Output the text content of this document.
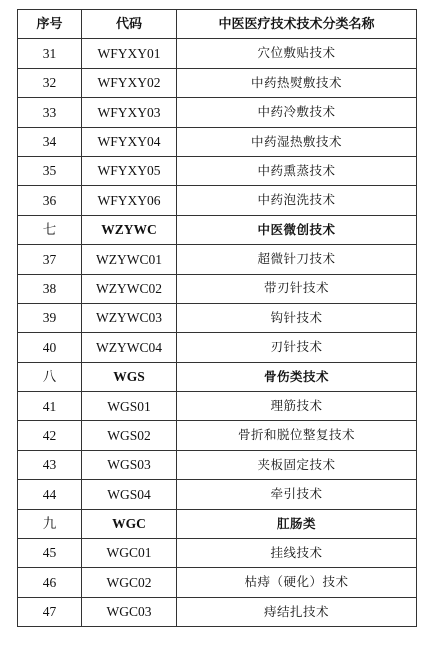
序号	代码	中医医疗技术技术分类名称
31	WFYXY01	穴位敷贴技术
32	WFYXY02	中药热熨敷技术
33	WFYXY03	中药冷敷技术
34	WFYXY04	中药湿热敷技术
35	WFYXY05	中药熏蒸技术
36	WFYXY06	中药泡洗技术
七	WZYWC	中医微创技术
37	WZYWC01	超微针刀技术
38	WZYWC02	带刃针技术
39	WZYWC03	钩针技术
40	WZYWC04	刃针技术
八	WGS	骨伤类技术
41	WGS01	理筋技术
42	WGS02	骨折和脱位整复技术
43	WGS03	夹板固定技术
44	WGS04	牵引技术
九	WGC	肛肠类
45	WGC01	挂线技术
46	WGC02	枯痔（硬化）技术
47	WGC03	痔结扎技术
